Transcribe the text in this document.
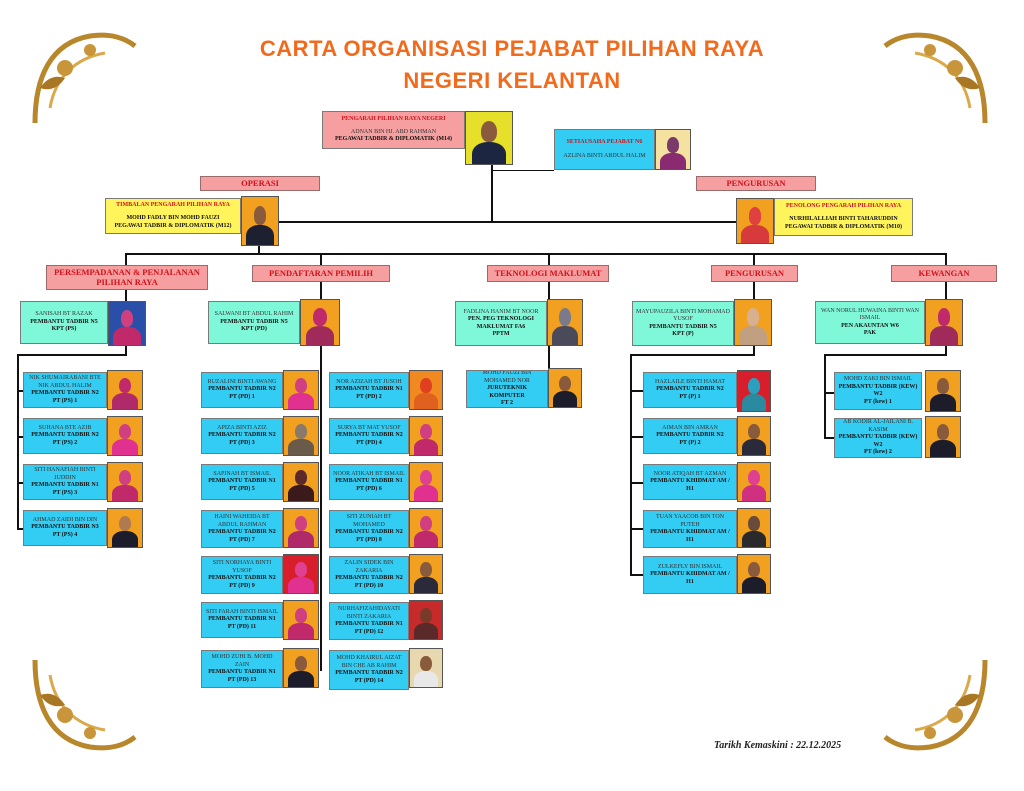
CARTA ORGANISASI PEJABAT PILIHAN RAYA
NEGERI KELANTAN
PENGARAH PILIHAN RAYA NEGERI
ADNAN BIN HJ. ABD RAHMAN
PEGAWAI TADBIR & DIPLOMATIK (M14)	SETIAUSAHA PEJABAT N6
AZLINA BINTI ABDUL HALIM
OPERASI	PENGURUSAN
TIMBALAN PENGARAH PILIHAN RAYA
MOHD FADLY BIN MOHD FAUZI
PEGAWAI TADBIR & DIPLOMATIK (M12)
PENOLONG PENGARAH PILIHAN RAYA
NURHILALLIAH BINTI TAHARUDDIN
PEGAWAI TADBIR & DIPLOMATIK (M10)
PERSEMPADANAN & PENJALANAN PILIHAN RAYA
PENDAFTARAN PEMILIH	TEKNOLOGI MAKLUMAT	PENGURUSAN	KEWANGAN
SANISAH BT RAZAK
PEMBANTU TADBIR N5
KPT (PS)
SALWANI BT ABDUL RAHIM
PEMBANTU TADBIR N5
KPT (PD)
FADLINA HANIM BT NOOR
PEN. PEG TEKNOLOGI MAKLUMAT FA6
PPTM
MAYUPAUZILA BINTI MOHAMAD YUSOF
PEMBANTU TADBIR N5
KPT (P)
WAN NORUL HUWAINA BINTI WAN ISMAIL
PEN AKAUNTAN W6
PAK
NIK SHUMAIRABANI BTE NIK ABDUL HALIM
PEMBANTU TADBIR N2
PT (PS) 1
SUHANA BTE AZIB
PEMBANTU TADBIR N2
PT (PS) 2
SITI HANAFIAH BINTI JUDDIN
PEMBANTU TADBIR N1
PT (PS) 3
AHMAD ZAIDI BIN DIN
PEMBANTU TADBIR N3
PT (PS) 4
RUZALINI BINTI AWANG
PEMBANTU TADBIR N2
PT (PD) 1
APIZA BINTI AZIZ
PEMBANTU TADBIR N2
PT (PD) 3
SAPINAH BT ISMAIL
PEMBANTU TADBIR N1
PT (PD) 5
HAINI WAHEIDA BT ABDUL RAHMAN
PEMBANTU TADBIR N2
PT (PD) 7
SITI NORHAYA BINTI YUSOF
PEMBANTU TADBIR N2
PT (PD) 9
SITI FARAH BINTI ISMAIL
PEMBANTU TADBIR N1
PT (PD) 11
MOHD ZUHI B. MOHD ZAIN
PEMBANTU TADBIR N1
PT (PD) 13
NOR AZIZAH BT JUSOH
PEMBANTU TADBIR N1
PT (PD) 2
SURYA BT MAT YUSOF
PEMBANTU TADBIR N2
PT (PD) 4
NOOR ATIKAH BT ISMAIL
PEMBANTU TADBIR N1
PT (PD) 6
SITI ZUNIAH BT MOHAMED
PEMBANTU TADBIR N2
PT (PD) 8
ZALIN SIDEK BIN ZAKARIA
PEMBANTU TADBIR N2
PT (PD) 10
NURHAFIZAHIDAYATI BINTI ZAKARIA
PEMBANTU TADBIR N1
PT (PD) 12
MOHD KHAIRUL AIZAT BIN CHE AB RAHIM
PEMBANTU TADBIR N2
PT (PD) 14
MOHD FAUZI BIN MOHAMED NOR
JURUTEKNIK KOMPUTER
FT 2
HAZLAILE BINTI HAMAT
PEMBANTU TADBIR N2
PT (P) 1
AIMAN BIN AMRAN
PEMBANTU TADBIR N2
PT (P) 2
NOOR ATIQAH BT AZMAN
PEMBANTU KHIDMAT AM /
H1
TUAN YAACOB BIN TON PUTEH
PEMBANTU KHIDMAT AM /
H1
ZULKEFLY BIN ISMAIL
PEMBANTU KHIDMAT AM /
H1
MOHD ZAKI BIN ISMAIL
PEMBANTU TADBIR (KEW) W2
PT (kew) 1
AB KODIR AL-JAILANI B. KASIM
PEMBANTU TADBIR (KEW) W2
PT (kew) 2
Tarikh Kemaskini : 22.12.2025
